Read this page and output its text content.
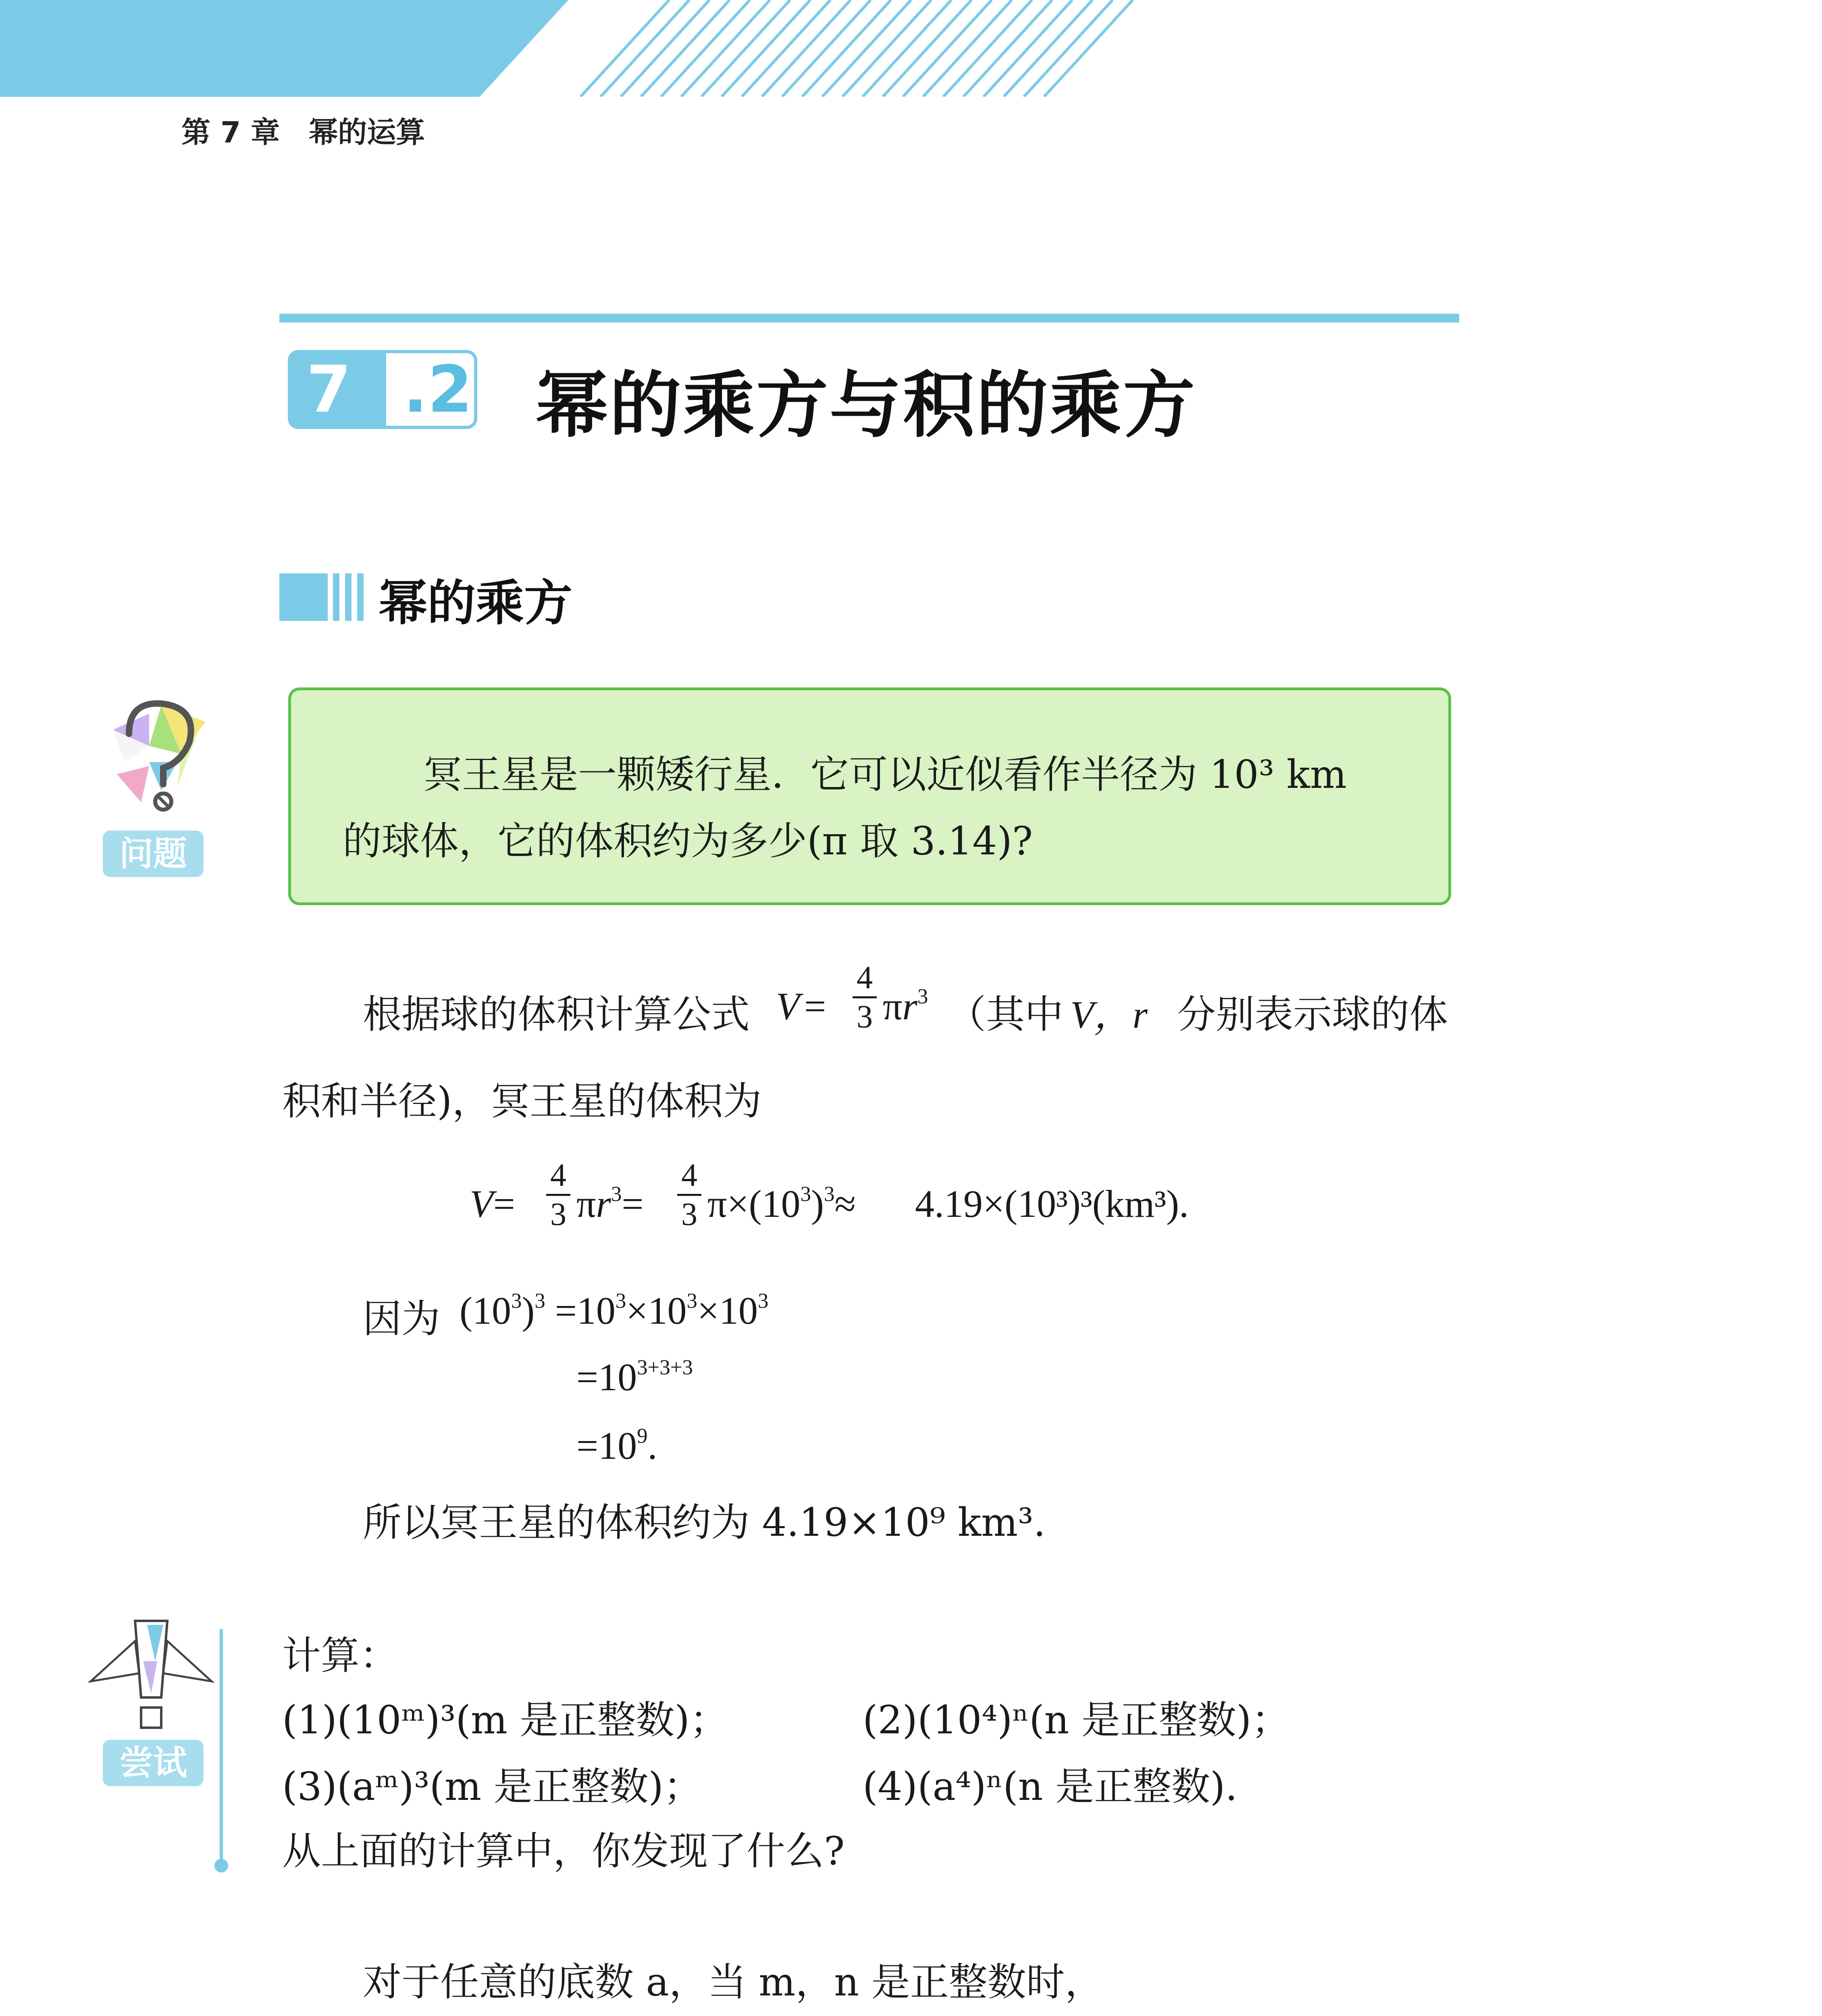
第 7 章　幂的运算
7 .2 幂的乘方与积的乘方
幂的乘方
问题
冥王星是一颗矮行星．它可以近似看作半径为 10³ km
的球体，它的体积约为多少(π 取 3.14)?
根据球的体积计算公式 V =
4
3 $\pi r^3$ （其中 V，r 分别表示球的体
积和半径)，冥王星的体积为
V=
4
3 $\pi r^3=$
4
3 $\pi\times(10^3)^3\approx 4.19\times(10^3)^3(km^3)$.
因为 $(10^3)^3 =10^3\times 10^3\times 10^3$
$=10^{3+3+3}$
$=10^9$.
所以冥王星的体积约为 4.19×10⁹ km³.
尝试
计算：
(1)(10ᵐ)³(m 是正整数)；	(2)(10⁴)ⁿ(n 是正整数)；
(3)(aᵐ)³(m 是正整数)；	(4)(a⁴)ⁿ(n 是正整数).
从上面的计算中，你发现了什么?
对于任意的底数 a，当 m，n 是正整数时，
